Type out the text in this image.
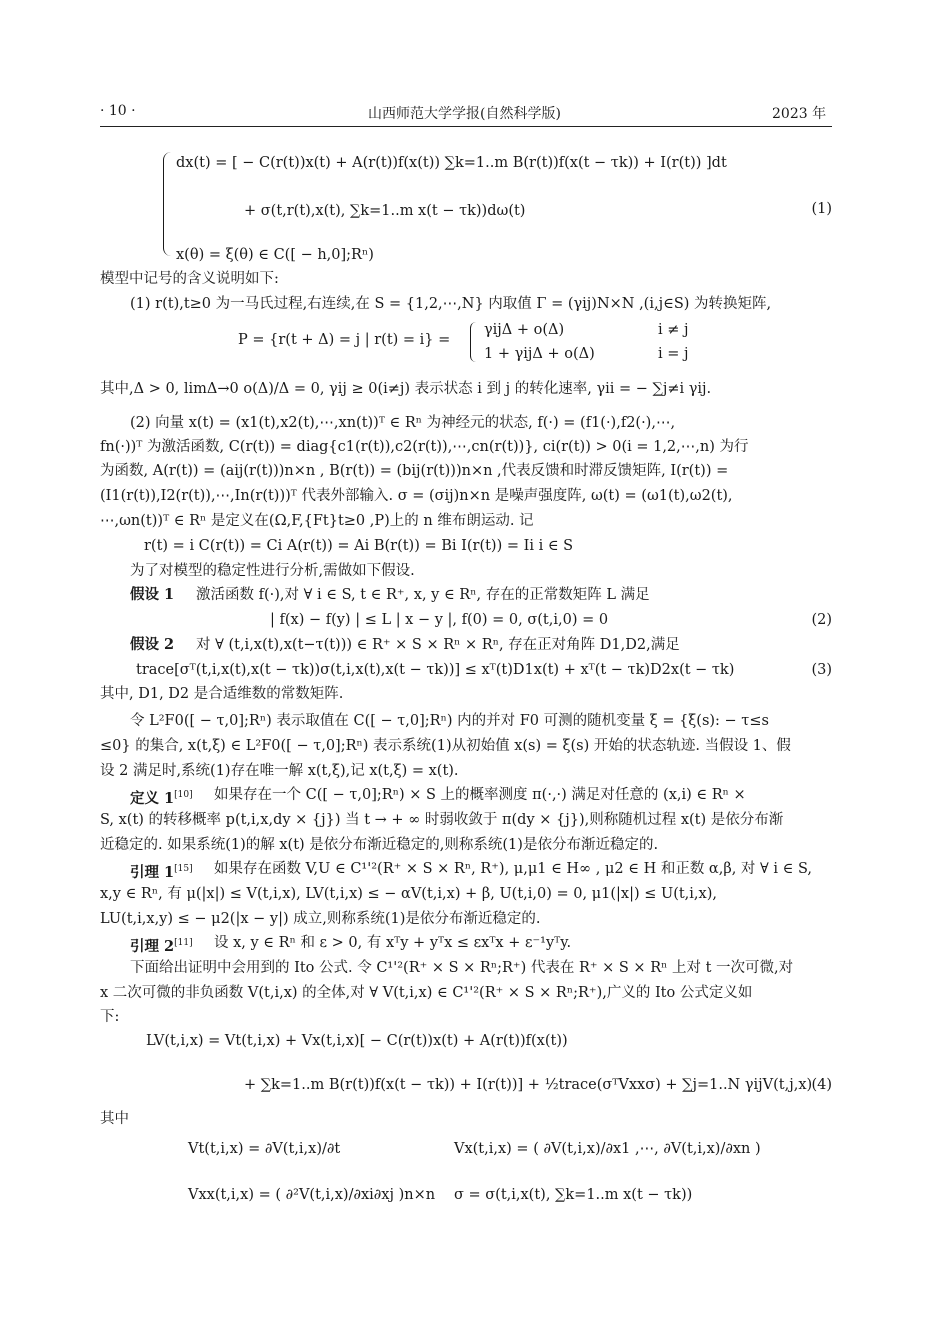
· 10 ·	山西师范大学学报(自然科学版)	2023 年
dx(t) = [ − C(r(t))x(t) + A(r(t))f(x(t)) ∑k=1..m B(r(t))f(x(t − τk)) + I(r(t)) ]dt
+ σ(t,r(t),x(t), ∑k=1..m x(t − τk))dω(t)
x(θ) = ξ(θ) ∈ C([ − h,0];Rⁿ)
(1)
模型中记号的含义说明如下:
(1) r(t),t≥0 为一马氏过程,右连续,在 S = {1,2,⋯,N} 内取值 Γ = (γij)N×N ,(i,j∈S) 为转换矩阵,
P = {r(t + Δ) = j | r(t) = i} =
γijΔ + o(Δ)	i ≠ j
1 + γijΔ + o(Δ)	i = j
其中,Δ > 0, limΔ→0 o(Δ)/Δ = 0, γij ≥ 0(i≠j) 表示状态 i 到 j 的转化速率, γii = − ∑j≠i γij.
(2) 向量 x(t) = (x1(t),x2(t),⋯,xn(t))ᵀ ∈ Rⁿ 为神经元的状态, f(·) = (f1(·),f2(·),⋯,
fn(·))ᵀ 为激活函数, C(r(t)) = diag{c1(r(t)),c2(r(t)),⋯,cn(r(t))}, ci(r(t)) > 0(i = 1,2,⋯,n) 为行
为函数, A(r(t)) = (aij(r(t)))n×n , B(r(t)) = (bij(r(t)))n×n ,代表反馈和时滞反馈矩阵, I(r(t)) =
(I1(r(t)),I2(r(t)),⋯,In(r(t)))ᵀ 代表外部输入. σ = (σij)n×n 是噪声强度阵, ω(t) = (ω1(t),ω2(t),
⋯,ωn(t))ᵀ ∈ Rⁿ 是定义在(Ω,F,{Ft}t≥0 ,P)上的 n 维布朗运动. 记
r(t) = i C(r(t)) = Ci A(r(t)) = Ai B(r(t)) = Bi I(r(t)) = Ii i ∈ S
为了对模型的稳定性进行分析,需做如下假设.
假设 1 激活函数 f(·),对 ∀ i ∈ S, t ∈ R⁺, x, y ∈ Rⁿ, 存在的正常数矩阵 L 满足
| f(x) − f(y) | ≤ L | x − y |, f(0) = 0, σ(t,i,0) = 0	(2)
假设 2 对 ∀ (t,i,x(t),x(t−τ(t))) ∈ R⁺ × S × Rⁿ × Rⁿ, 存在正对角阵 D1,D2,满足
trace[σᵀ(t,i,x(t),x(t − τk))σ(t,i,x(t),x(t − τk))] ≤ xᵀ(t)D1x(t) + xᵀ(t − τk)D2x(t − τk)	(3)
其中, D1, D2 是合适维数的常数矩阵.
令 L²F0([ − τ,0];Rⁿ) 表示取值在 C([ − τ,0];Rⁿ) 内的并对 F0 可测的随机变量 ξ = {ξ(s): − τ≤s
≤0} 的集合, x(t,ξ) ∈ L²F0([ − τ,0];Rⁿ) 表示系统(1)从初始值 x(s) = ξ(s) 开始的状态轨迹. 当假设 1、假
设 2 满足时,系统(1)存在唯一解 x(t,ξ),记 x(t,ξ) = x(t).
定义 1[10] 如果存在一个 C([ − τ,0];Rⁿ) × S 上的概率测度 π(·,·) 满足对任意的 (x,i) ∈ Rⁿ ×
S, x(t) 的转移概率 p(t,i,x,dy × {j}) 当 t → + ∞ 时弱收敛于 π(dy × {j}),则称随机过程 x(t) 是依分布渐
近稳定的. 如果系统(1)的解 x(t) 是依分布渐近稳定的,则称系统(1)是依分布渐近稳定的.
引理 1[15] 如果存在函数 V,U ∈ C¹'²(R⁺ × S × Rⁿ, R⁺), μ,μ1 ∈ H∞ , μ2 ∈ H 和正数 α,β, 对 ∀ i ∈ S,
x,y ∈ Rⁿ, 有 μ(|x|) ≤ V(t,i,x), LV(t,i,x) ≤ − αV(t,i,x) + β, U(t,i,0) = 0, μ1(|x|) ≤ U(t,i,x),
LU(t,i,x,y) ≤ − μ2(|x − y|) 成立,则称系统(1)是依分布渐近稳定的.
引理 2[11] 设 x, y ∈ Rⁿ 和 ε > 0, 有 xᵀy + yᵀx ≤ εxᵀx + ε⁻¹yᵀy.
下面给出证明中会用到的 Ito 公式. 令 C¹'²(R⁺ × S × Rⁿ;R⁺) 代表在 R⁺ × S × Rⁿ 上对 t 一次可微,对
x 二次可微的非负函数 V(t,i,x) 的全体,对 ∀ V(t,i,x) ∈ C¹'²(R⁺ × S × Rⁿ;R⁺),广义的 Ito 公式定义如
下:
LV(t,i,x) = Vt(t,i,x) + Vx(t,i,x)[ − C(r(t))x(t) + A(r(t))f(x(t))
+ ∑k=1..m B(r(t))f(x(t − τk)) + I(r(t))] + ½trace(σᵀVxxσ) + ∑j=1..N γijV(t,j,x) (4)
其中
Vt(t,i,x) = ∂V(t,i,x)/∂t	Vx(t,i,x) = ( ∂V(t,i,x)/∂x1 ,⋯, ∂V(t,i,x)/∂xn )
Vxx(t,i,x) = ( ∂²V(t,i,x)/∂xi∂xj )n×n σ = σ(t,i,x(t), ∑k=1..m x(t − τk))
